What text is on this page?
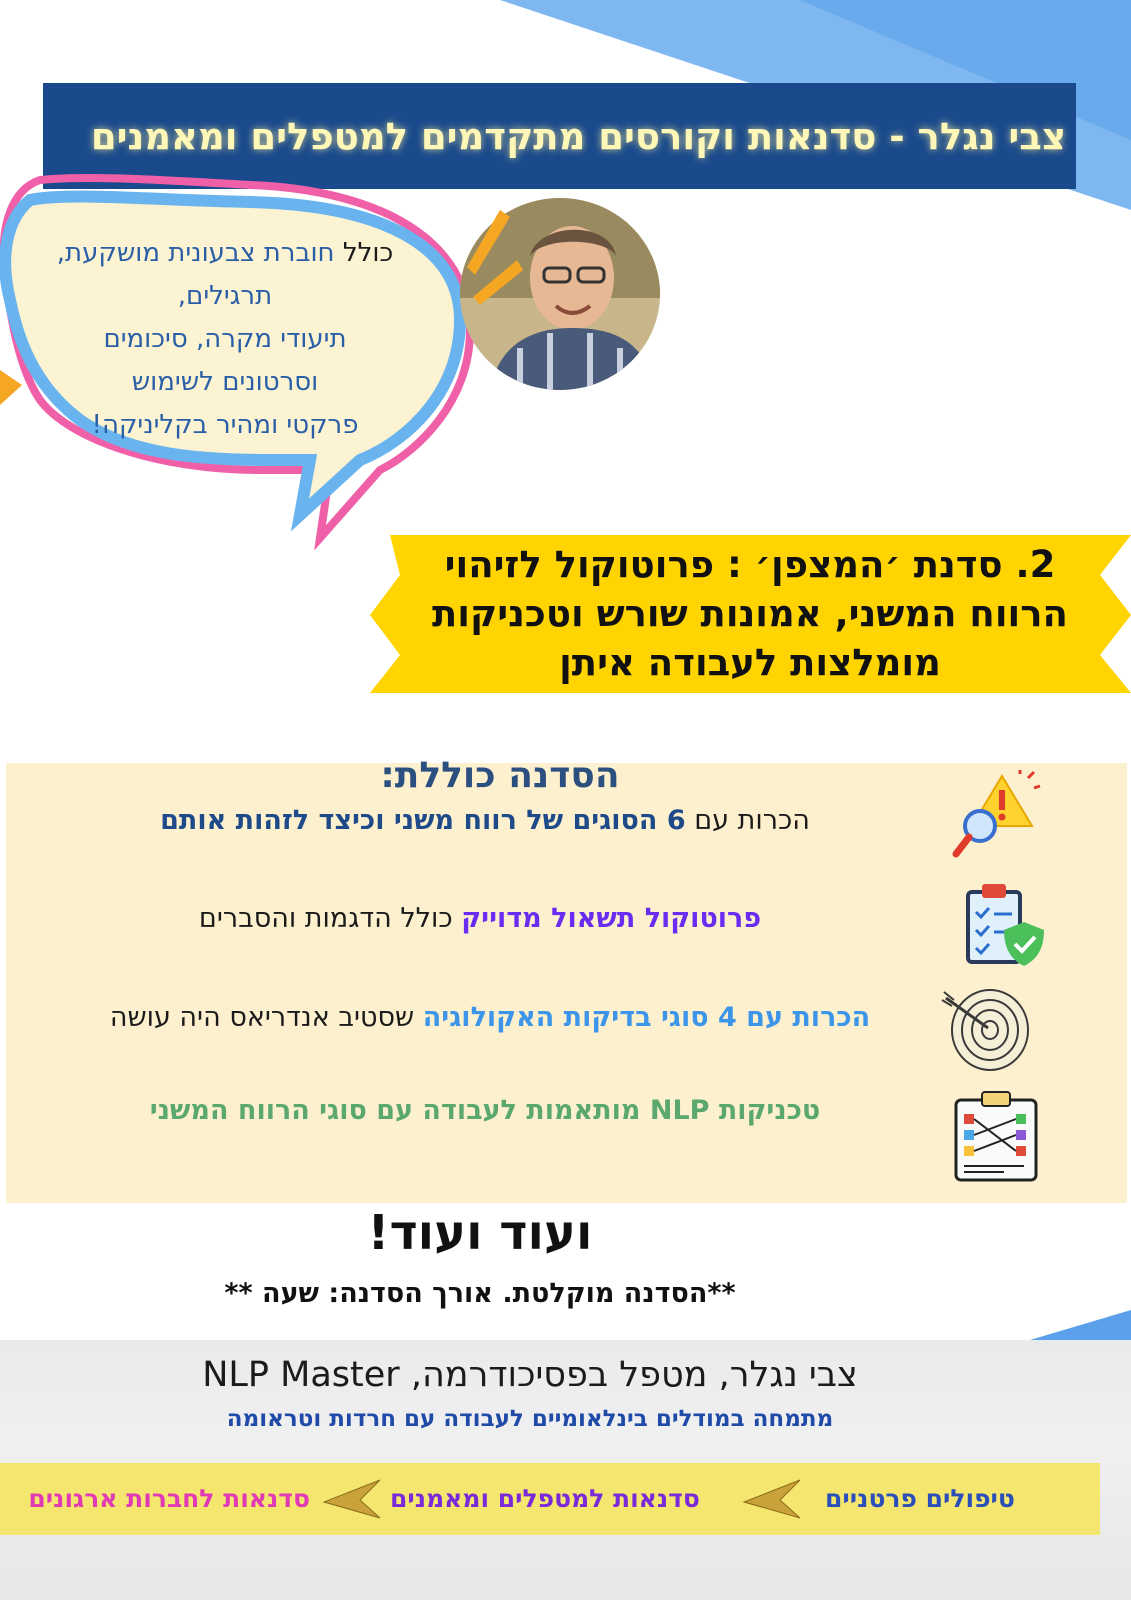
צבי נגלר - סדנאות וקורסים מתקדמים למטפלים ומאמנים
כולל חוברת צבעונית מושקעת,
תרגילים,
תיעודי מקרה, סיכומים
וסרטונים לשימוש
פרקטי ומהיר בקליניקה!
2. סדנת ׳המצפן׳ : פרוטוקול לזיהוי
הרווח המשני, אמונות שורש וטכניקות
מומלצות לעבודה איתן
הסדנה כוללת:
הכרות עם 6 הסוגים של רווח משני וכיצד לזהות אותם
פרוטוקול תשאול מדוייק כולל הדגמות והסברים
הכרות עם 4 סוגי בדיקות האקולוגיה שסטיב אנדריאס היה עושה
טכניקות NLP מותאמות לעבודה עם סוגי הרווח המשני
ועוד ועוד!
**הסדנה מוקלטת. אורך הסדנה: שעה **
צבי נגלר, מטפל בפסיכודרמה, NLP Master
מתמחה במודלים בינלאומיים לעבודה עם חרדות וטראומה
טיפולים פרטניים
סדנאות למטפלים ומאמנים
סדנאות לחברות ארגונים
